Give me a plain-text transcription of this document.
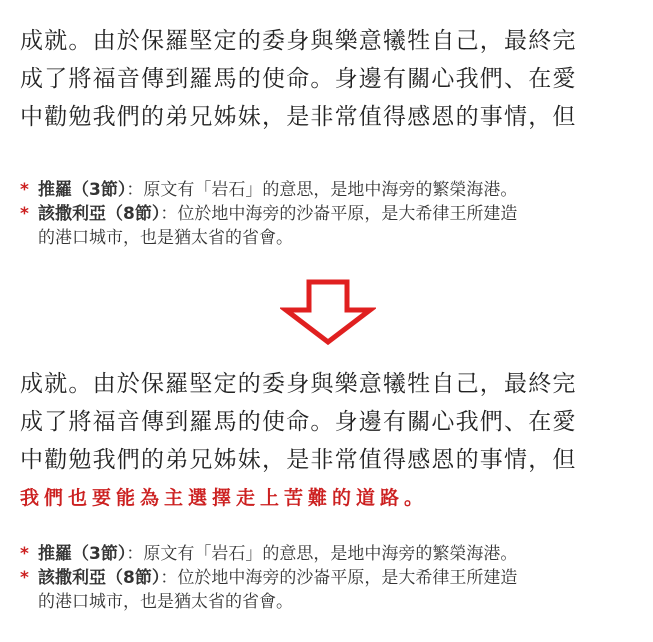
成就。由於保羅堅定的委身與樂意犧牲自己，最終完
成了將福音傳到羅馬的使命。身邊有關心我們、在愛
中勸勉我們的弟兄姊妹，是非常值得感恩的事情，但
* 推羅（3節）：原文有「岩石」的意思，是地中海旁的繁榮海港。
* 該撒利亞（8節）：位於地中海旁的沙崙平原，是大希律王所建造
的港口城市，也是猶太省的省會。
成就。由於保羅堅定的委身與樂意犧牲自己，最終完
成了將福音傳到羅馬的使命。身邊有關心我們、在愛
中勸勉我們的弟兄姊妹，是非常值得感恩的事情，但
我們也要能為主選擇走上苦難的道路。
* 推羅（3節）：原文有「岩石」的意思，是地中海旁的繁榮海港。
* 該撒利亞（8節）：位於地中海旁的沙崙平原，是大希律王所建造
的港口城市，也是猶太省的省會。
